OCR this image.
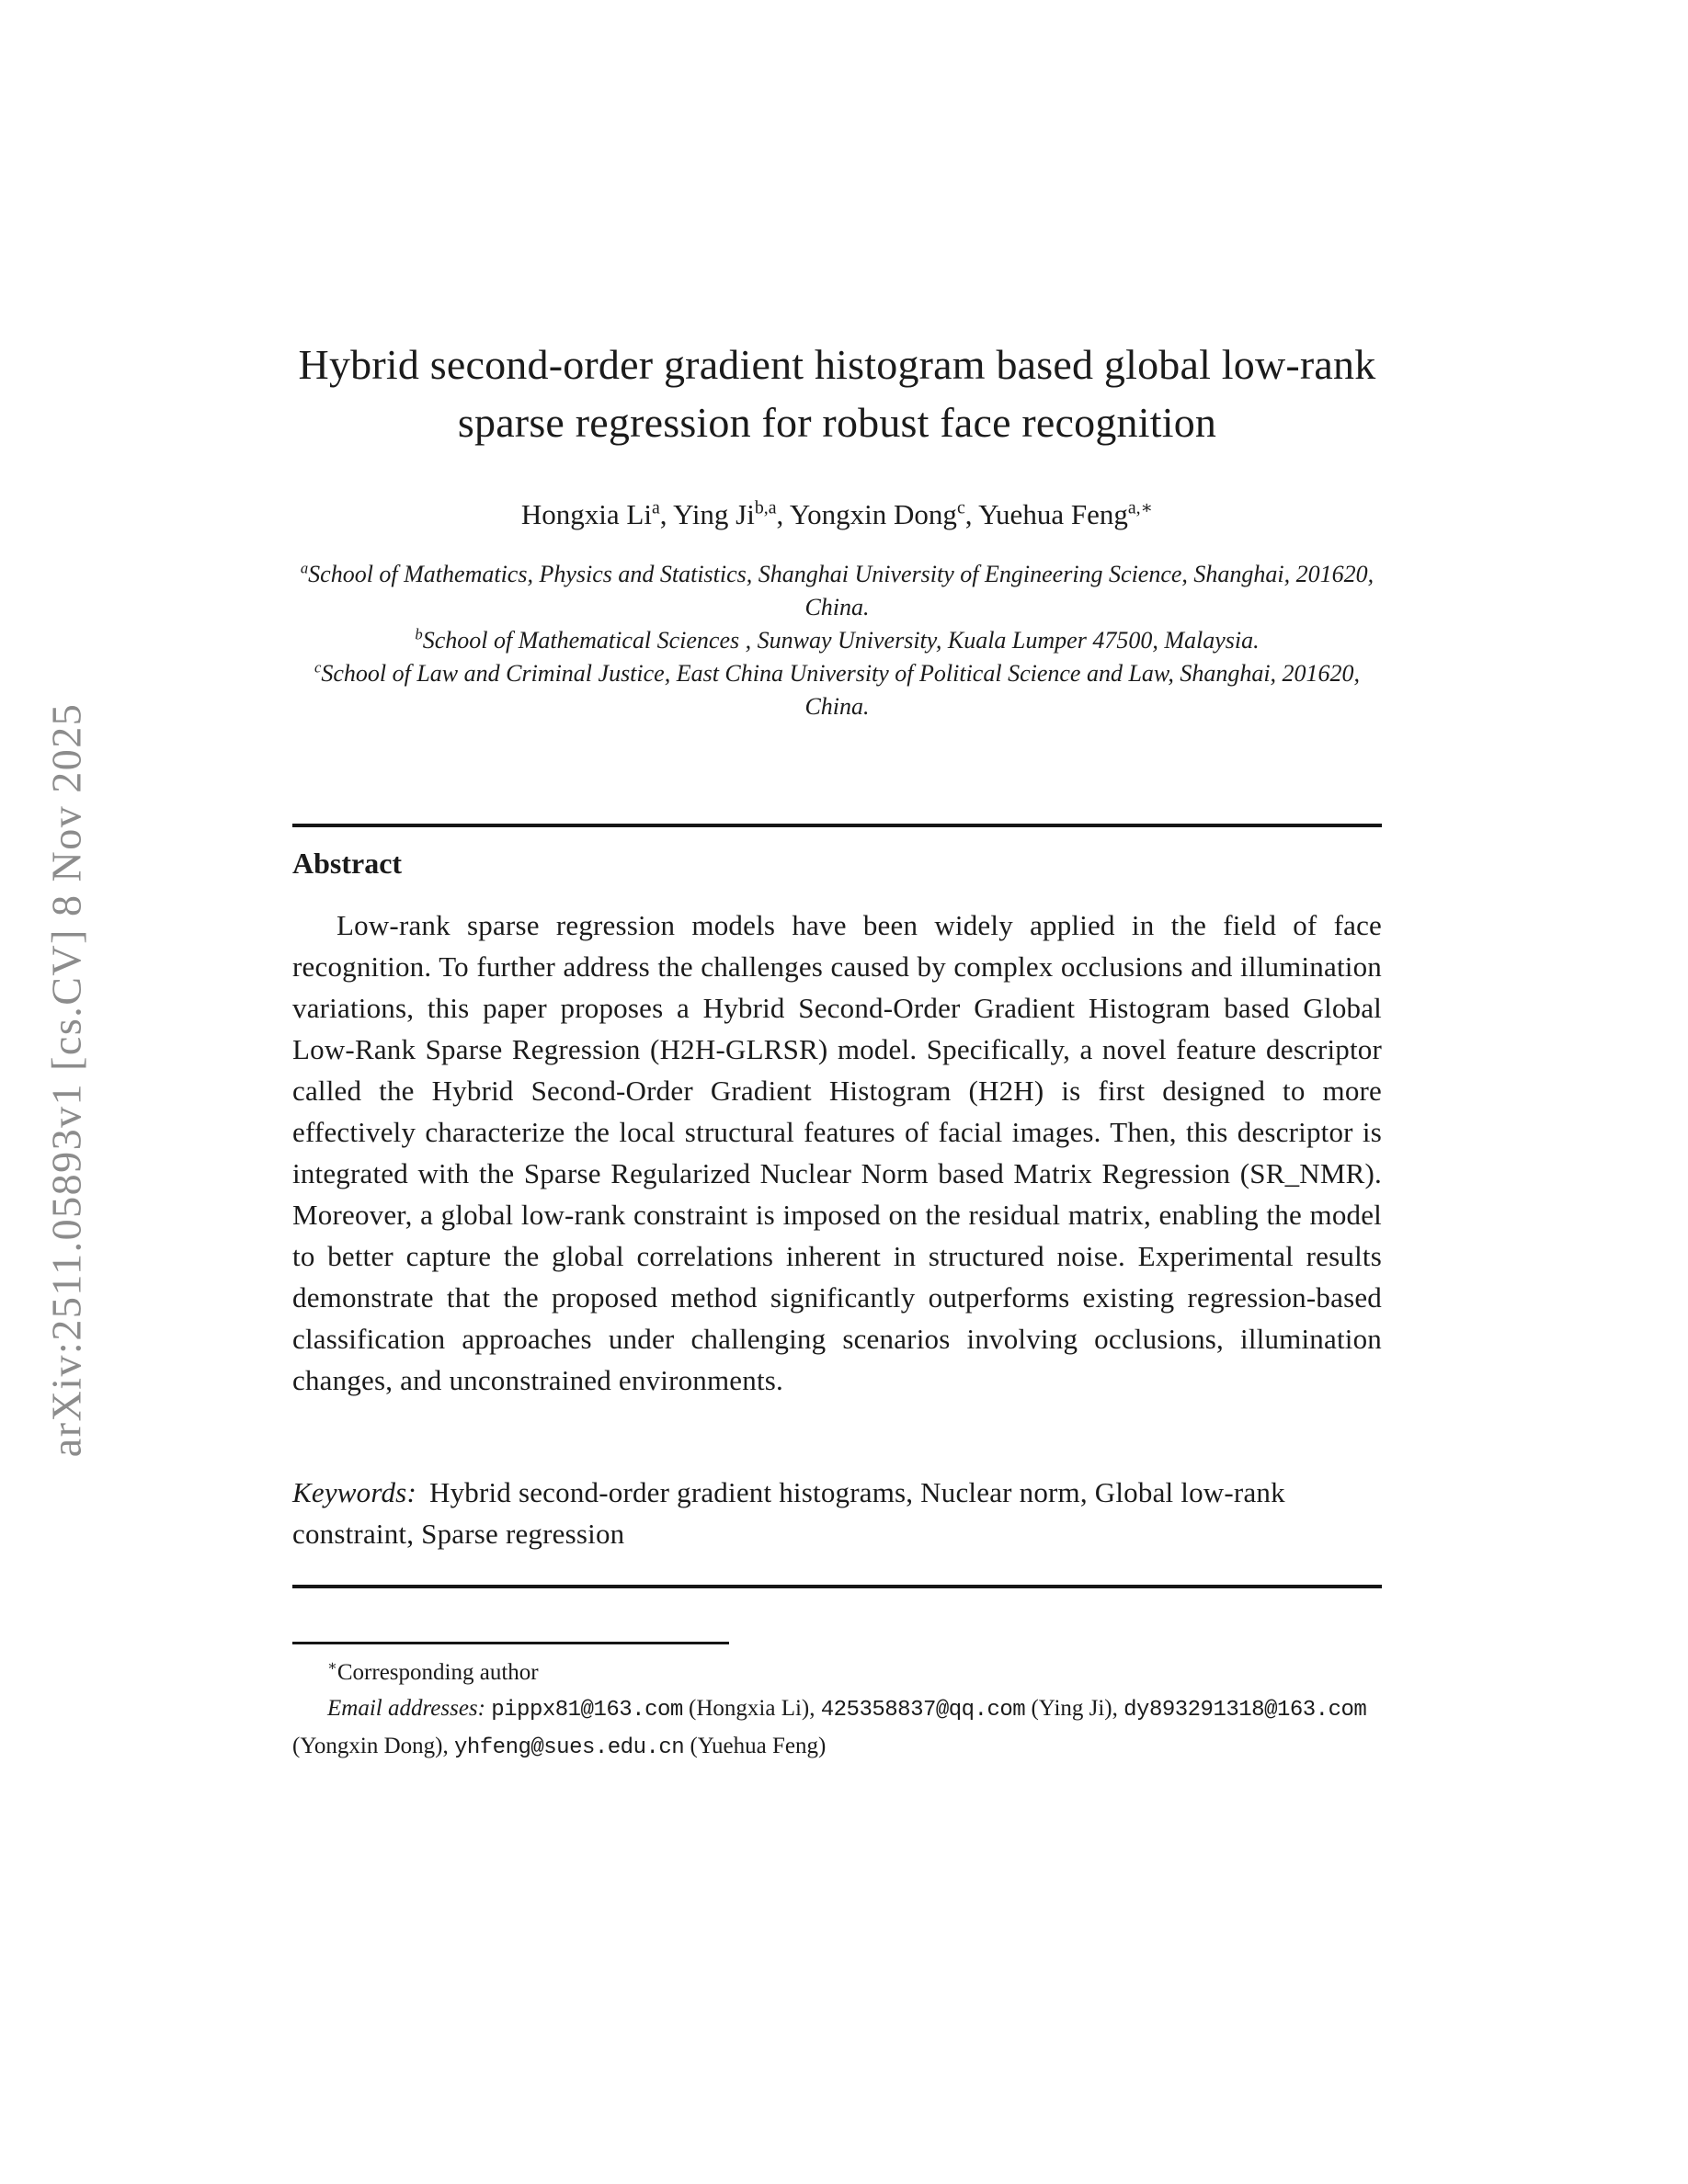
arXiv:2511.05893v1 [cs.CV] 8 Nov 2025
Hybrid second-order gradient histogram based global low-rank sparse regression for robust face recognition
Hongxia Li$^a$, Ying Ji$^{b,a}$, Yongxin Dong$^c$, Yuehua Feng$^{a,∗}$
$^a$School of Mathematics, Physics and Statistics, Shanghai University of Engineering Science, Shanghai, 201620, China.
$^b$School of Mathematical Sciences , Sunway University, Kuala Lumper 47500, Malaysia.
$^c$School of Law and Criminal Justice, East China University of Political Science and Law, Shanghai, 201620, China.
Abstract

Low-rank sparse regression models have been widely applied in the field of face recognition. To further address the challenges caused by complex occlusions and illumination variations, this paper proposes a Hybrid Second-Order Gradient Histogram based Global Low-Rank Sparse Regression (H2H-GLRSR) model. Specifically, a novel feature descriptor called the Hybrid Second-Order Gradient Histogram (H2H) is first designed to more effectively characterize the local structural features of facial images. Then, this descriptor is integrated with the Sparse Regularized Nuclear Norm based Matrix Regression (SR_NMR). Moreover, a global low-rank constraint is imposed on the residual matrix, enabling the model to better capture the global correlations inherent in structured noise. Experimental results demonstrate that the proposed method significantly outperforms existing regression-based classification approaches under challenging scenarios involving occlusions, illumination changes, and unconstrained environments.

Keywords: Hybrid second-order gradient histograms, Nuclear norm, Global low-rank constraint, Sparse regression

∗Corresponding author

Email addresses: pippx81@163.com (Hongxia Li), 425358837@qq.com (Ying Ji), dy893291318@163.com (Yongxin Dong), yhfeng@sues.edu.cn (Yuehua Feng)
